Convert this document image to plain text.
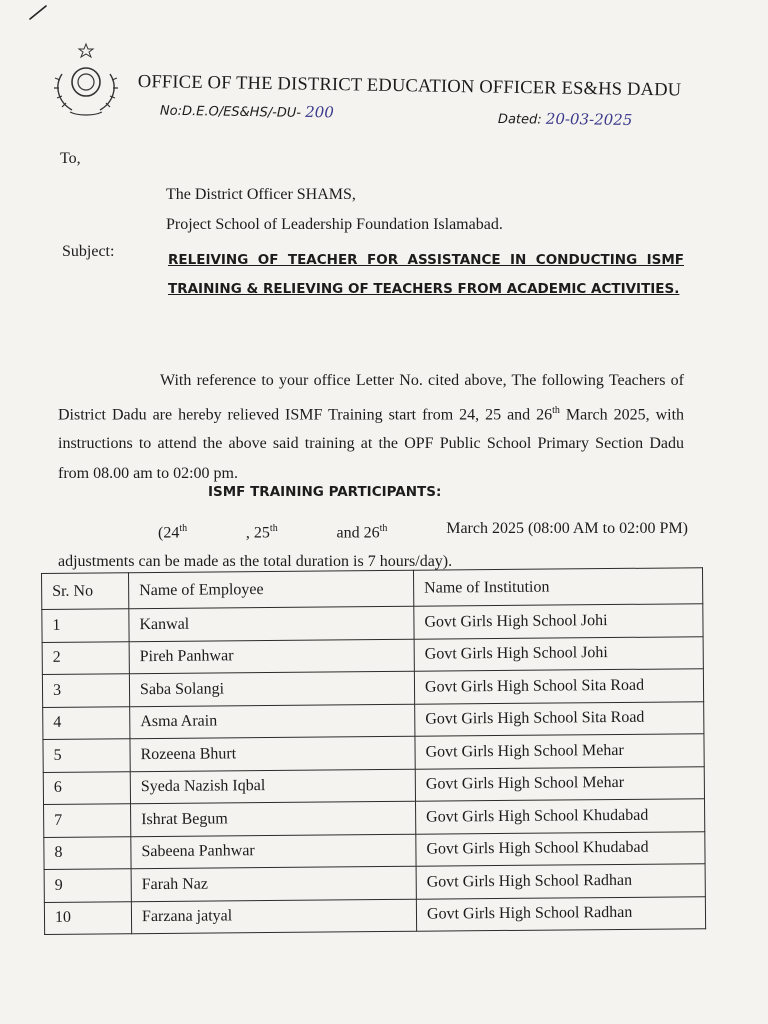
OFFICE OF THE DISTRICT EDUCATION OFFICER ES&HS DADU
No:D.E.O/ES&HS/-DU- 200	Dated: 20-03-2025
To,
The District Officer SHAMS,
Project School of Leadership Foundation Islamabad.
Subject:	RELEIVING OF TEACHER FOR ASSISTANCE IN CONDUCTING ISMF TRAINING & RELIEVING OF TEACHERS FROM ACADEMIC ACTIVITIES.
With reference to your office Letter No. cited above, The following Teachers of District Dadu are hereby relieved ISMF Training start from 24, 25 and 26th March 2025, with instructions to attend the above said training at the OPF Public School Primary Section Dadu from 08.00 am to 02:00 pm.
ISMF TRAINING PARTICIPANTS:
(24th	, 25th	and 26th	March 2025 (08:00 AM to 02:00 PM)
adjustments can be made as the total duration is 7 hours/day).
Sr. No	Name of Employee	Name of Institution
1	Kanwal	Govt Girls High School Johi
2	Pireh Panhwar	Govt Girls High School Johi
3	Saba Solangi	Govt Girls High School Sita Road
4	Asma Arain	Govt Girls High School Sita Road
5	Rozeena Bhurt	Govt Girls High School Mehar
6	Syeda Nazish Iqbal	Govt Girls High School Mehar
7	Ishrat Begum	Govt Girls High School Khudabad
8	Sabeena Panhwar	Govt Girls High School Khudabad
9	Farah Naz	Govt Girls High School Radhan
10	Farzana jatyal	Govt Girls High School Radhan
